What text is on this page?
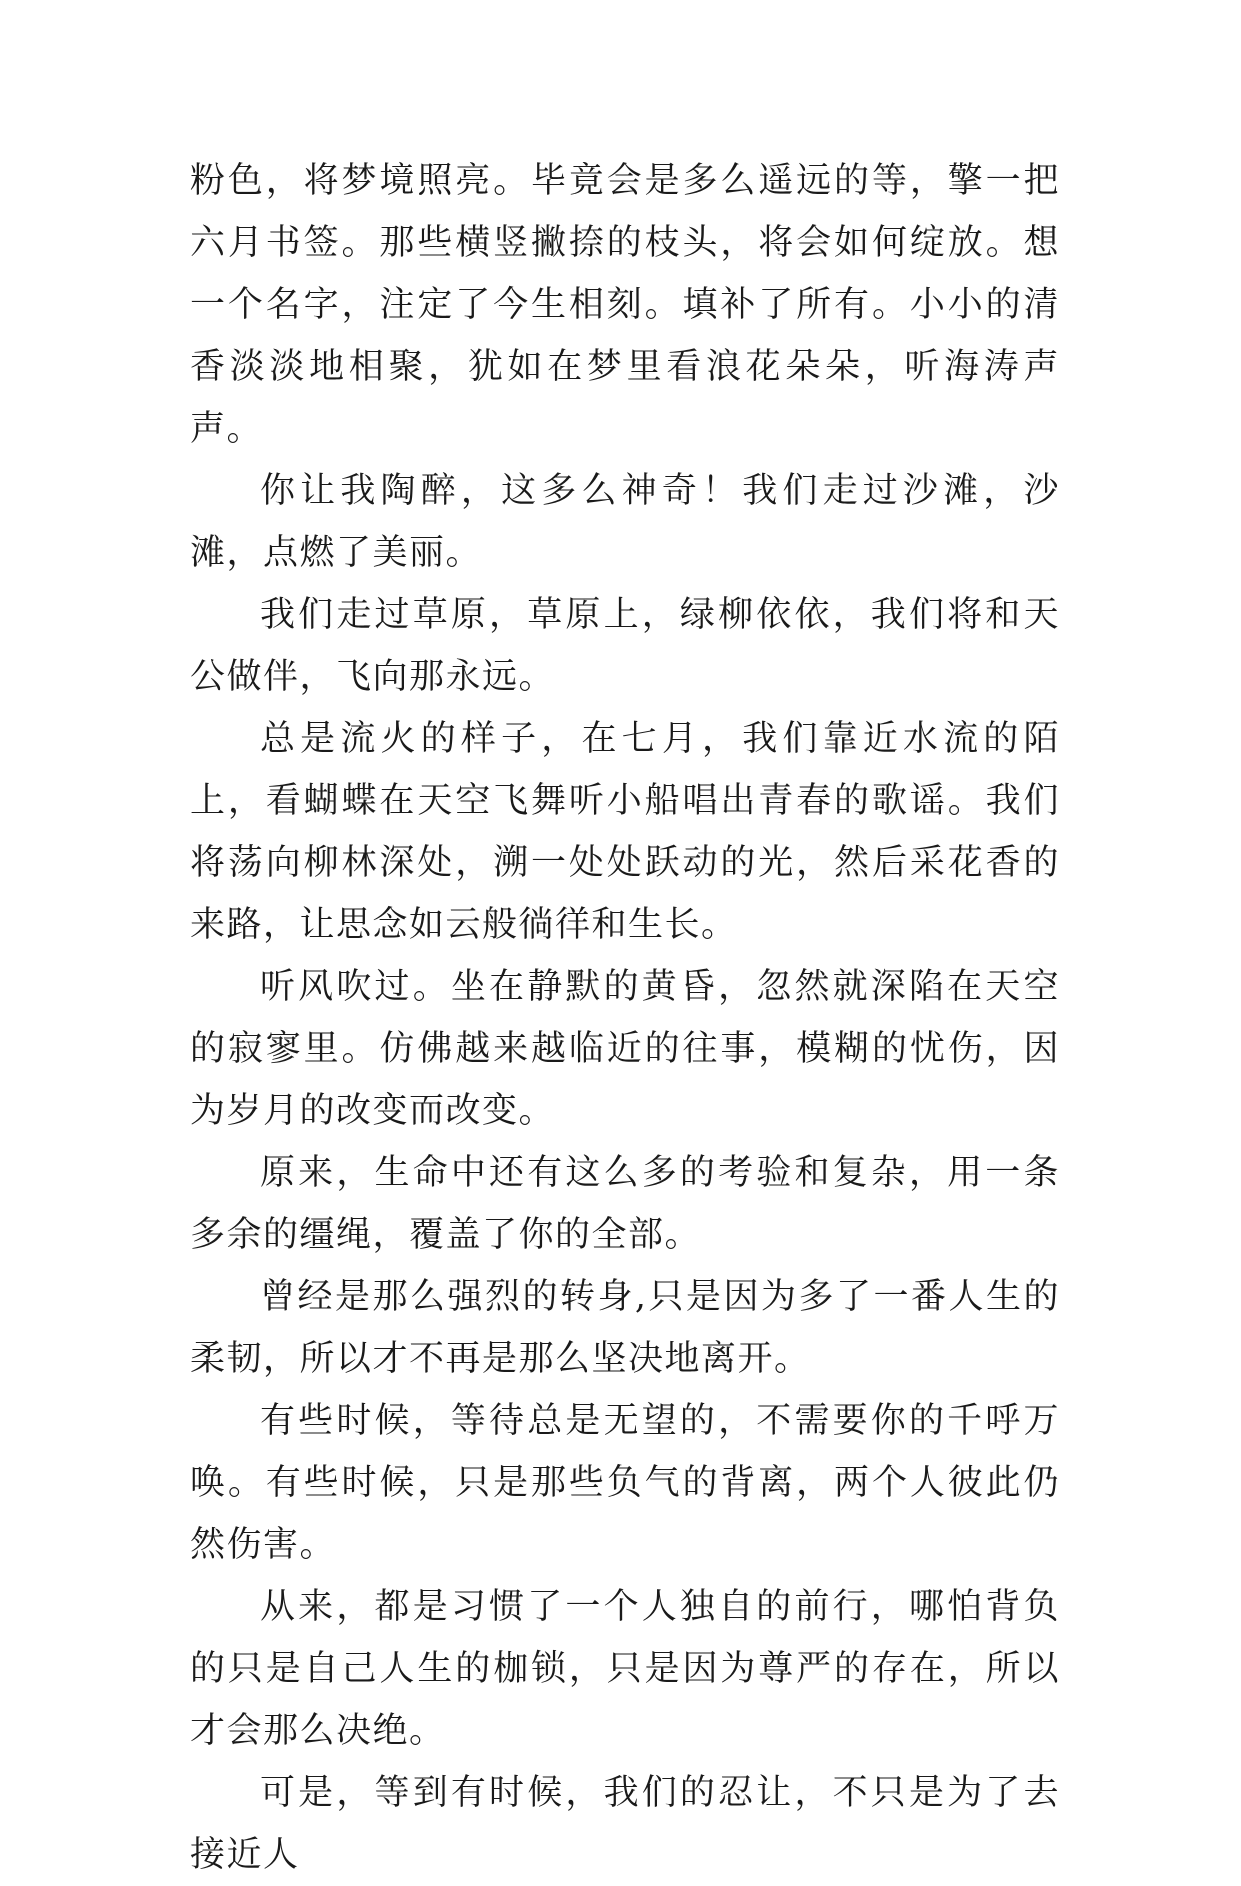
粉色，将梦境照亮。毕竟会是多么遥远的等，擎一把六月书签。那些横竖撇捺的枝头，将会如何绽放。想一个名字，注定了今生相刻。填补了所有。小小的清香淡淡地相聚，犹如在梦里看浪花朵朵，听海涛声声。

你让我陶醉，这多么神奇！我们走过沙滩，沙滩，点燃了美丽。

我们走过草原，草原上，绿柳依依，我们将和天公做伴，飞向那永远。

总是流火的样子，在七月，我们靠近水流的陌上，看蝴蝶在天空飞舞听小船唱出青春的歌谣。我们将荡向柳林深处，溯一处处跃动的光，然后采花香的来路，让思念如云般徜徉和生长。

听风吹过。坐在静默的黄昏，忽然就深陷在天空的寂寥里。仿佛越来越临近的往事，模糊的忧伤，因为岁月的改变而改变。

原来，生命中还有这么多的考验和复杂，用一条多余的缰绳，覆盖了你的全部。

曾经是那么强烈的转身,只是因为多了一番人生的柔韧，所以才不再是那么坚决地离开。

有些时候，等待总是无望的，不需要你的千呼万唤。有些时候，只是那些负气的背离，两个人彼此仍然伤害。

从来，都是习惯了一个人独自的前行，哪怕背负的只是自己人生的枷锁，只是因为尊严的存在，所以才会那么决绝。

可是，等到有时候，我们的忍让，不只是为了去接近人
